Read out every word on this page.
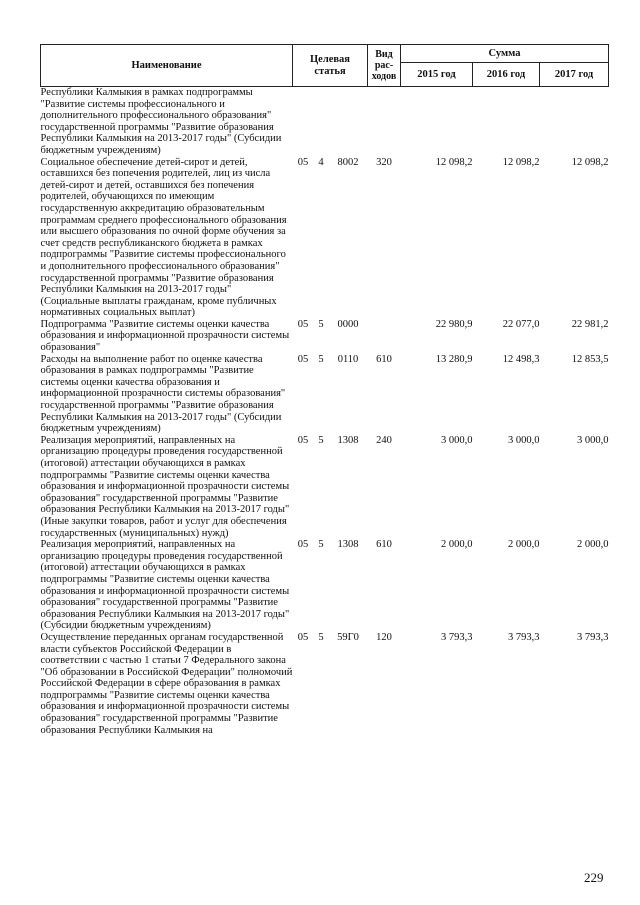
Наименование	Целевая статья			Вид
рас-
ходов	Сумма		
					2015 год	2016 год	2017 год
Республики Калмыкия в рамках подпрограммы "Развитие системы профессионального и дополнительного профессионального образования" государственной программы "Развитие образования Республики Калмыкия на 2013-2017 годы" (Субсидии бюджетным учреждениям)							
Социальное обеспечение детей-сирот и детей, оставшихся без попечения родителей, лиц из числа детей-сирот и детей, оставшихся без попечения родителей, обучающихся по имеющим государственную аккредитацию образовательным программам среднего профессионального образования или высшего образования по очной форме обучения за счет средств республиканского бюджета в рамках подпрограммы "Развитие системы профессионального и дополнительного профессионального образования" государственной программы "Развитие образования Республики Калмыкия на 2013-2017 годы" (Социальные выплаты гражданам, кроме публичных нормативных социальных выплат)	05	4	8002	320	12 098,2	12 098,2	12 098,2
Подпрограмма "Развитие системы оценки качества образования и информационной прозрачности системы образования"	05	5	0000		22 980,9	22 077,0	22 981,2
Расходы на выполнение работ по оценке качества образования в рамках подпрограммы "Развитие системы оценки качества образования и информационной прозрачности системы образования" государственной программы "Развитие образования Республики Калмыкия на 2013-2017 годы" (Субсидии бюджетным учреждениям)	05	5	0110	610	13 280,9	12 498,3	12 853,5
Реализация мероприятий, направленных на организацию процедуры проведения государственной (итоговой) аттестации обучающихся в рамках подпрограммы "Развитие системы оценки качества образования и информационной прозрачности системы образования" государственной программы "Развитие образования Республики Калмыкия на 2013-2017 годы" (Иные закупки товаров, работ и услуг для обеспечения государственных (муниципальных) нужд)	05	5	1308	240	3 000,0	3 000,0	3 000,0
Реализация мероприятий, направленных на организацию процедуры проведения государственной (итоговой) аттестации обучающихся в рамках подпрограммы "Развитие системы оценки качества образования и информационной прозрачности системы образования" государственной программы "Развитие образования Республики Калмыкия на 2013-2017 годы" (Субсидии бюджетным учреждениям)	05	5	1308	610	2 000,0	2 000,0	2 000,0
Осуществление переданных органам государственной власти субъектов Российской Федерации в соответствии с частью 1 статьи 7 Федерального закона "Об образовании в Российской Федерации" полномочий Российской Федерации в сфере образования в рамках подпрограммы "Развитие системы оценки качества образования и информационной прозрачности системы образования" государственной программы "Развитие образования Республики Калмыкия на	05	5	59Г0	120	3 793,3	3 793,3	3 793,3
229
